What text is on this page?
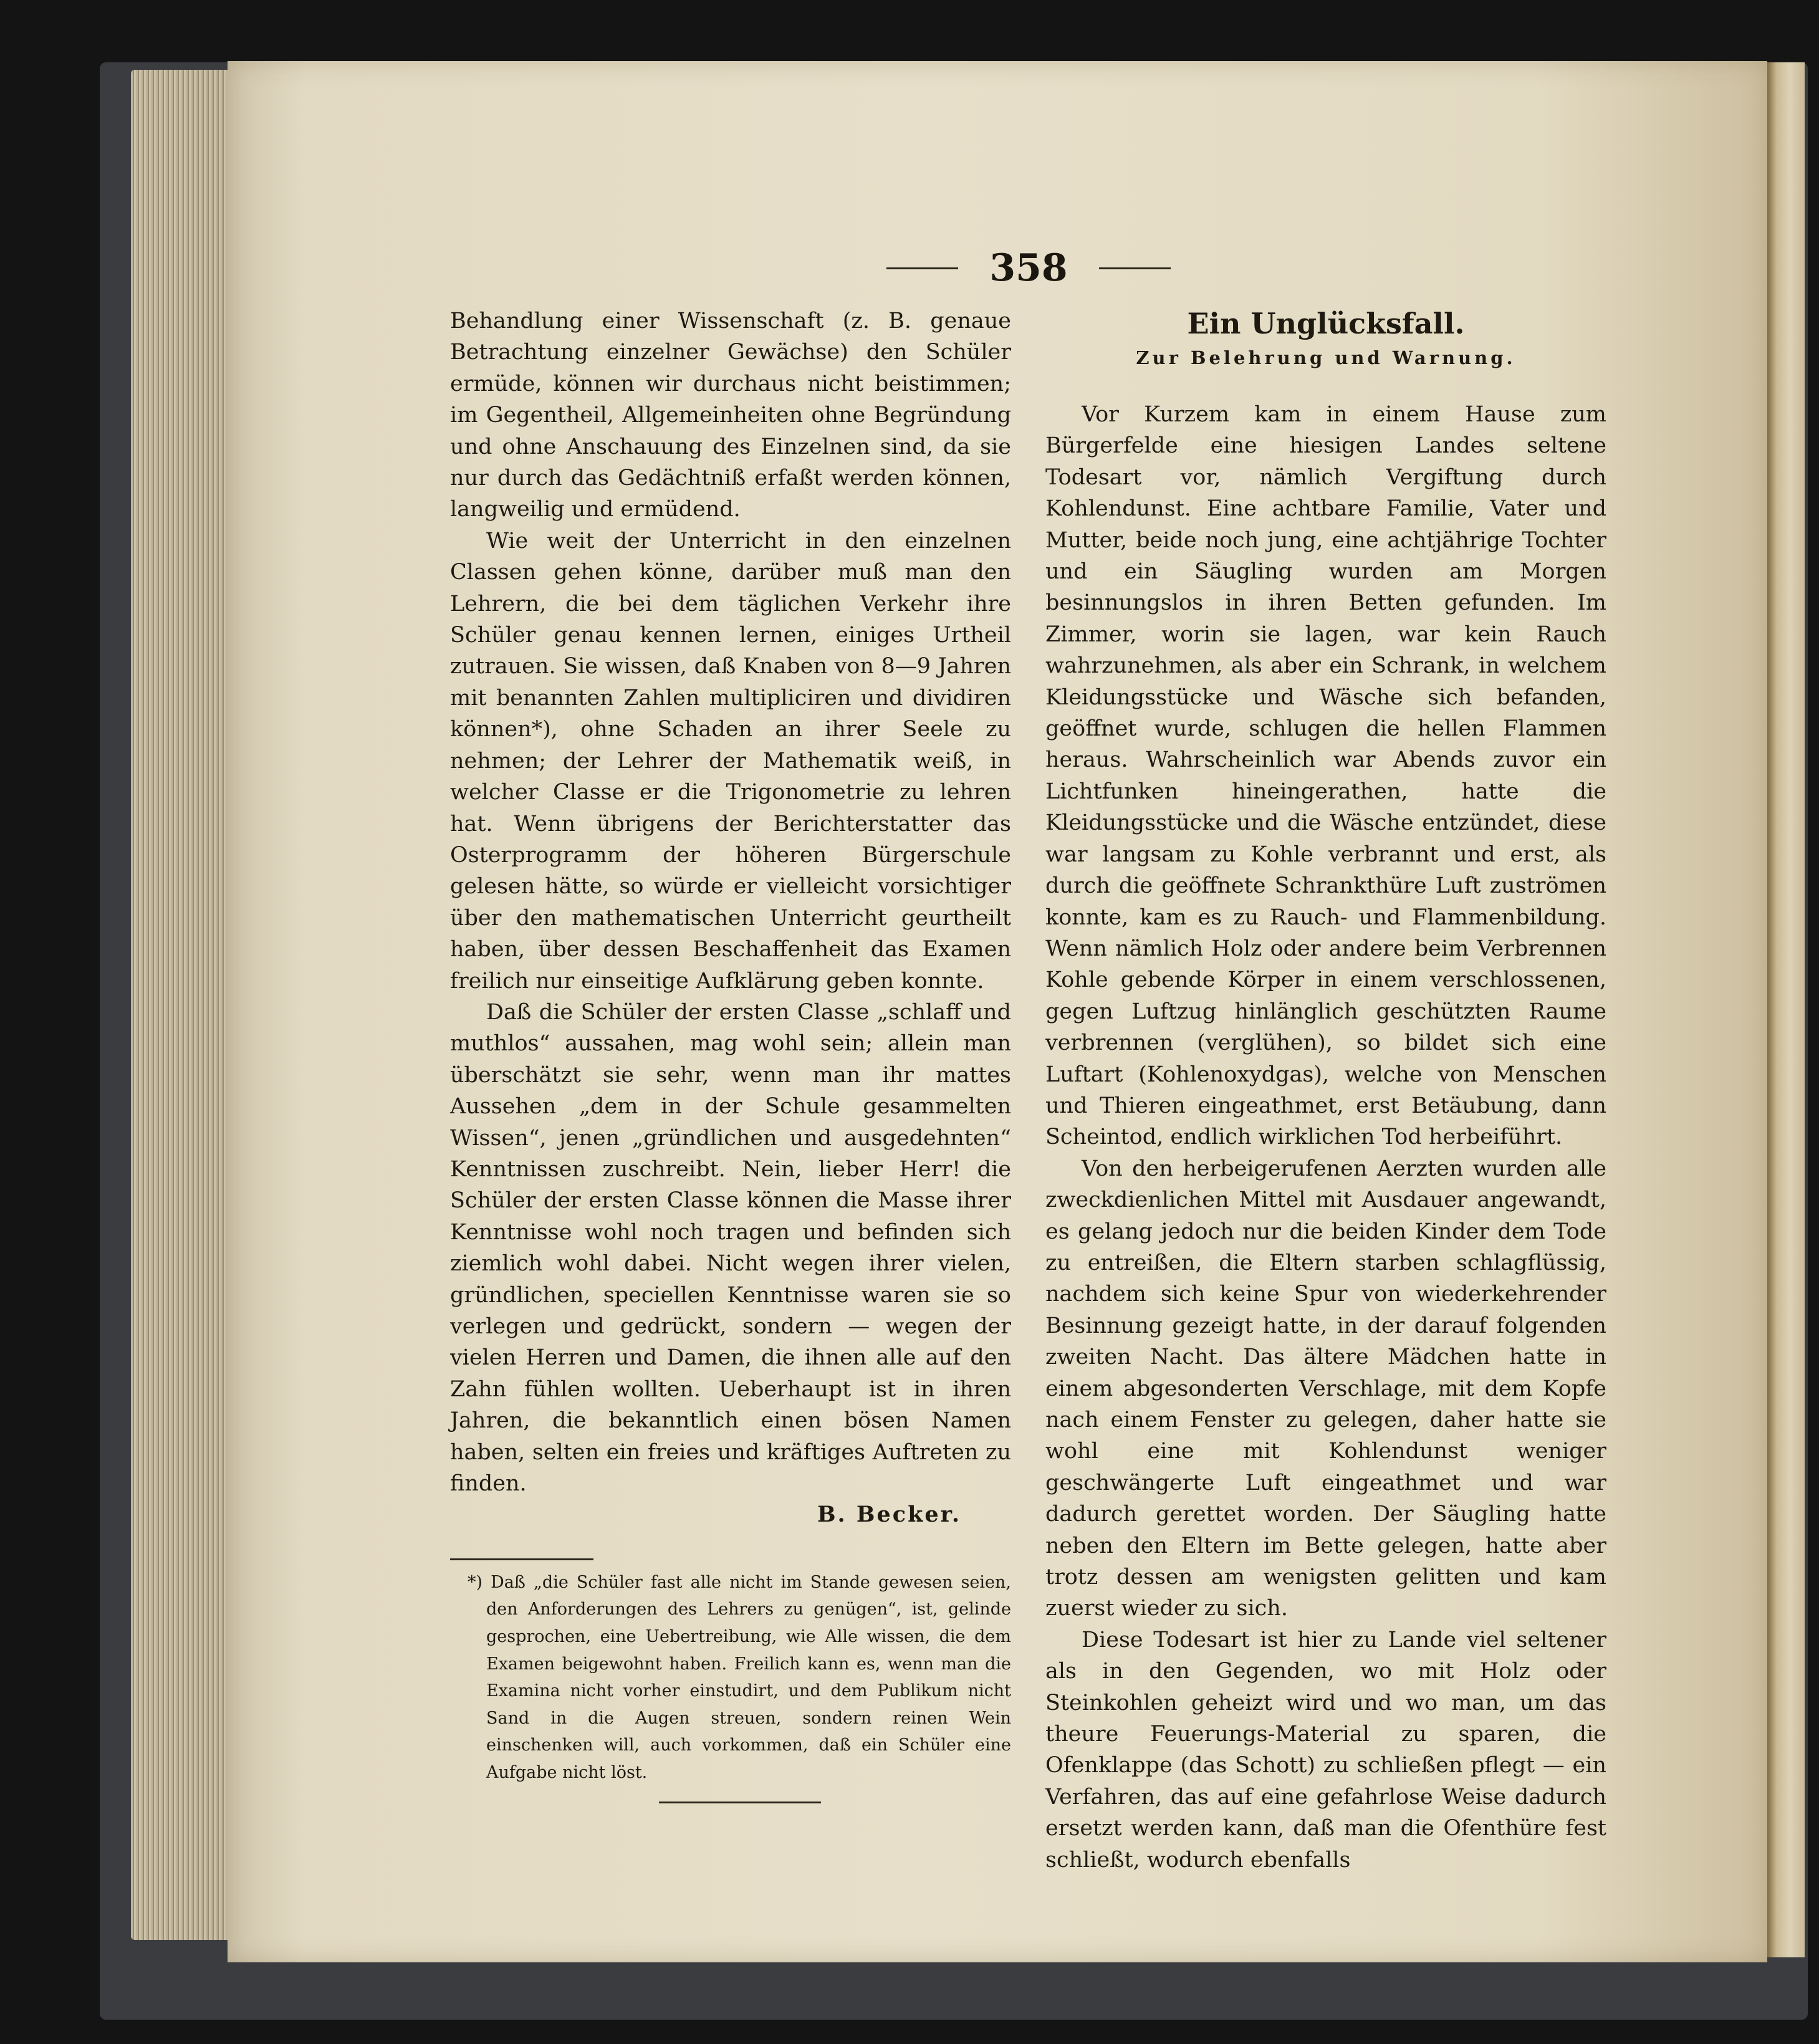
358

Behandlung einer Wissenschaft (z. B. genaue Betrachtung einzelner Gewächse) den Schüler ermüde, können wir durchaus nicht beistimmen; im Gegentheil, Allgemeinheiten ohne Begründung und ohne Anschauung des Einzelnen sind, da sie nur durch das Gedächtniß erfaßt werden können, langweilig und ermüdend.

Wie weit der Unterricht in den einzelnen Classen gehen könne, darüber muß man den Lehrern, die bei dem täglichen Verkehr ihre Schüler genau kennen lernen, einiges Urtheil zutrauen. Sie wissen, daß Knaben von 8—9 Jahren mit benannten Zahlen multipliciren und dividiren können*), ohne Schaden an ihrer Seele zu nehmen; der Lehrer der Mathematik weiß, in welcher Classe er die Trigonometrie zu lehren hat. Wenn übrigens der Berichterstatter das Osterprogramm der höheren Bürgerschule gelesen hätte, so würde er vielleicht vorsichtiger über den mathematischen Unterricht geurtheilt haben, über dessen Beschaffenheit das Examen freilich nur einseitige Aufklärung geben konnte.

Daß die Schüler der ersten Classe „schlaff und muthlos“ aussahen, mag wohl sein; allein man überschätzt sie sehr, wenn man ihr mattes Aussehen „dem in der Schule gesammelten Wissen“, jenen „gründlichen und ausgedehnten“ Kenntnissen zuschreibt. Nein, lieber Herr! die Schüler der ersten Classe können die Masse ihrer Kenntnisse wohl noch tragen und befinden sich ziemlich wohl dabei. Nicht wegen ihrer vielen, gründlichen, speciellen Kenntnisse waren sie so verlegen und gedrückt, sondern — wegen der vielen Herren und Damen, die ihnen alle auf den Zahn fühlen wollten. Ueberhaupt ist in ihren Jahren, die bekanntlich einen bösen Namen haben, selten ein freies und kräftiges Auftreten zu finden.

B. Becker.

*) Daß „die Schüler fast alle nicht im Stande gewesen seien, den Anforderungen des Lehrers zu genügen“, ist, gelinde gesprochen, eine Uebertreibung, wie Alle wissen, die dem Examen beigewohnt haben. Freilich kann es, wenn man die Examina nicht vorher einstudirt, und dem Publikum nicht Sand in die Augen streuen, sondern reinen Wein einschenken will, auch vorkommen, daß ein Schüler eine Aufgabe nicht löst.

Ein Unglücksfall.
Zur Belehrung und Warnung.

Vor Kurzem kam in einem Hause zum Bürgerfelde eine hiesigen Landes seltene Todesart vor, nämlich Vergiftung durch Kohlendunst. Eine achtbare Familie, Vater und Mutter, beide noch jung, eine achtjährige Tochter und ein Säugling wurden am Morgen besinnungslos in ihren Betten gefunden. Im Zimmer, worin sie lagen, war kein Rauch wahrzunehmen, als aber ein Schrank, in welchem Kleidungsstücke und Wäsche sich befanden, geöffnet wurde, schlugen die hellen Flammen heraus. Wahrscheinlich war Abends zuvor ein Lichtfunken hineingerathen, hatte die Kleidungsstücke und die Wäsche entzündet, diese war langsam zu Kohle verbrannt und erst, als durch die geöffnete Schrankthüre Luft zuströmen konnte, kam es zu Rauch- und Flammenbildung. Wenn nämlich Holz oder andere beim Verbrennen Kohle gebende Körper in einem verschlossenen, gegen Luftzug hinlänglich geschützten Raume verbrennen (verglühen), so bildet sich eine Luftart (Kohlenoxydgas), welche von Menschen und Thieren eingeathmet, erst Betäubung, dann Scheintod, endlich wirklichen Tod herbeiführt.

Von den herbeigerufenen Aerzten wurden alle zweckdienlichen Mittel mit Ausdauer angewandt, es gelang jedoch nur die beiden Kinder dem Tode zu entreißen, die Eltern starben schlagflüssig, nachdem sich keine Spur von wiederkehrender Besinnung gezeigt hatte, in der darauf folgenden zweiten Nacht. Das ältere Mädchen hatte in einem abgesonderten Verschlage, mit dem Kopfe nach einem Fenster zu gelegen, daher hatte sie wohl eine mit Kohlendunst weniger geschwängerte Luft eingeathmet und war dadurch gerettet worden. Der Säugling hatte neben den Eltern im Bette gelegen, hatte aber trotz dessen am wenigsten gelitten und kam zuerst wieder zu sich.

Diese Todesart ist hier zu Lande viel seltener als in den Gegenden, wo mit Holz oder Steinkohlen geheizt wird und wo man, um das theure Feuerungs-Material zu sparen, die Ofenklappe (das Schott) zu schließen pflegt — ein Verfahren, das auf eine gefahrlose Weise dadurch ersetzt werden kann, daß man die Ofenthüre fest schließt, wodurch ebenfalls
